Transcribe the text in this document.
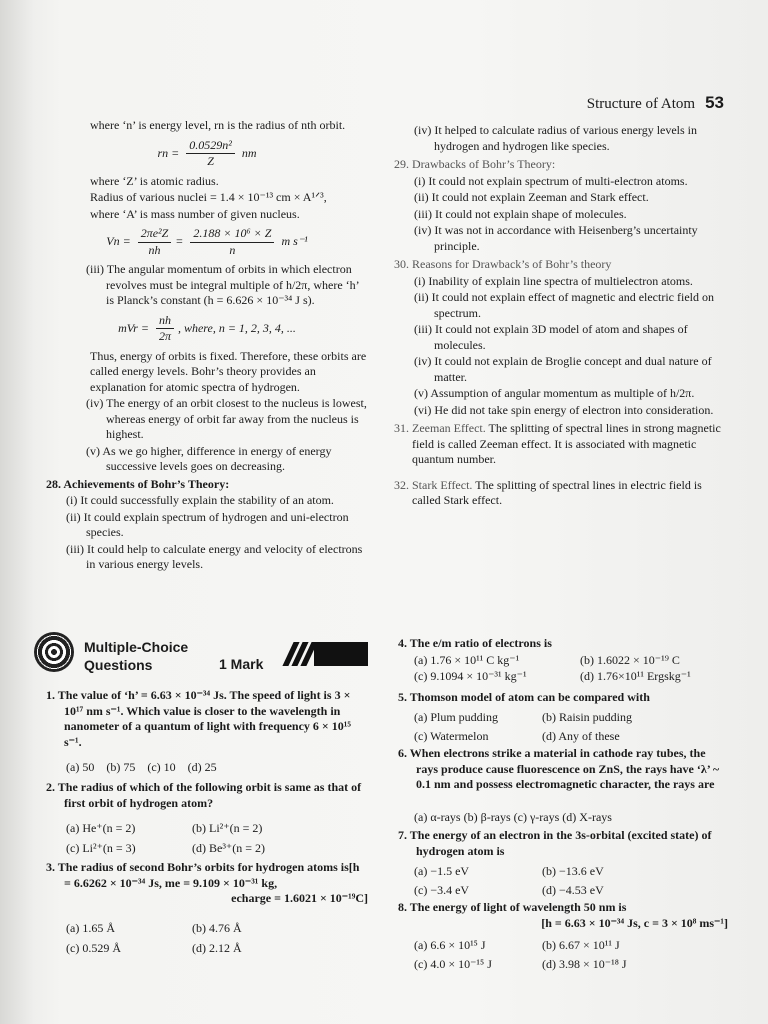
Structure of Atom 53

where ‘n’ is energy level, rn is the radius of nth orbit.

rn = $\frac{\text{0.0529n²}}{Z}$ nm

where ‘Z’ is atomic radius.

Radius of various nuclei = 1.4 × 10⁻¹³ cm × A¹ᐟ³,

where ‘A’ is mass number of given nucleus.

$Vn = \frac{\text{2πe²Z}}{nh} = \frac{\text{2.188 × 10⁶ × Z}}{n}$ m s⁻¹

(iii) The angular momentum of orbits in which electron revolves must be integral multiple of h/2π, where ‘h’ is Planck’s constant (h = 6.626 × 10⁻³⁴ J s).

mVr = $\frac{nh}{2\pi}$ , where, n = 1, 2, 3, 4, ...

Thus, energy of orbits is fixed. Therefore, these orbits are called energy levels. Bohr’s theory provides an explanation for atomic spectra of hydrogen.

(iv) The energy of an orbit closest to the nucleus is lowest, whereas energy of orbit far away from the nucleus is highest.

(v) As we go higher, difference in energy of energy successive levels goes on decreasing.

28. Achievements of Bohr’s Theory:

(i) It could successfully explain the stability of an atom.

(ii) It could explain spectrum of hydrogen and uni-electron species.

(iii) It could help to calculate energy and velocity of electrons in various energy levels.

(iv) It helped to calculate radius of various energy levels in hydrogen and hydrogen like species.

29. Drawbacks of Bohr’s Theory:

(i) It could not explain spectrum of multi-electron atoms.

(ii) It could not explain Zeeman and Stark effect.

(iii) It could not explain shape of molecules.

(iv) It was not in accordance with Heisenberg’s uncertainty principle.

30. Reasons for Drawback’s of Bohr’s theory

(i) Inability of explain line spectra of multielectron atoms.

(ii) It could not explain effect of magnetic and electric field on spectrum.

(iii) It could not explain 3D model of atom and shapes of molecules.

(iv) It could not explain de Broglie concept and dual nature of matter.

(v) Assumption of angular momentum as multiple of h/2π.

(vi) He did not take spin energy of electron into consideration.

31. Zeeman Effect. The splitting of spectral lines in strong magnetic field is called Zeeman effect. It is associated with magnetic quantum number.

32. Stark Effect. The splitting of spectral lines in electric field is called Stark effect.

Multiple-Choice
Questions	1 Mark
1. The value of ‘h’ = 6.63 × 10⁻³⁴ Js. The speed of light is 3 × 10¹⁷ nm s⁻¹. Which value is closer to the wavelength in nanometer of a quantum of light with frequency 6 × 10¹⁵ s⁻¹.
(a) 50 (b) 75 (c) 10 (d) 25
2. The radius of which of the following orbit is same as that of first orbit of hydrogen atom?
(a) He⁺(n = 2)	(b) Li²⁺(n = 2)
(c) Li²⁺(n = 3)	(d) Be³⁺(n = 2)
3. The radius of second Bohr’s orbits for hydrogen atoms is[h = 6.6262 × 10⁻³⁴ Js, me = 9.109 × 10⁻³¹ kg,
echarge = 1.6021 × 10⁻¹⁹C]
(a) 1.65 Å	(b) 4.76 Å
(c) 0.529 Å	(d) 2.12 Å
4. The e/m ratio of electrons is
(a) 1.76 × 10¹¹ C kg⁻¹	(b) 1.6022 × 10⁻¹⁹ C
(c) 9.1094 × 10⁻³¹ kg⁻¹	(d) 1.76×10¹¹ Ergskg⁻¹
5. Thomson model of atom can be compared with
(a) Plum pudding	(b) Raisin pudding
(c) Watermelon	(d) Any of these
6. When electrons strike a material in cathode ray tubes, the rays produce cause fluorescence on ZnS, the rays have ‘λ’ ~ 0.1 nm and possess electromagnetic character, the rays are
(a) α-rays (b) β-rays (c) γ-rays (d) X-rays
7. The energy of an electron in the 3s-orbital (excited state) of hydrogen atom is
(a) −1.5 eV	(b) −13.6 eV
(c) −3.4 eV	(d) −4.53 eV
8. The energy of light of wavelength 50 nm is
[h = 6.63 × 10⁻³⁴ Js, c = 3 × 10⁸ ms⁻¹]
(a) 6.6 × 10¹⁵ J	(b) 6.67 × 10¹¹ J
(c) 4.0 × 10⁻¹⁵ J	(d) 3.98 × 10⁻¹⁸ J
